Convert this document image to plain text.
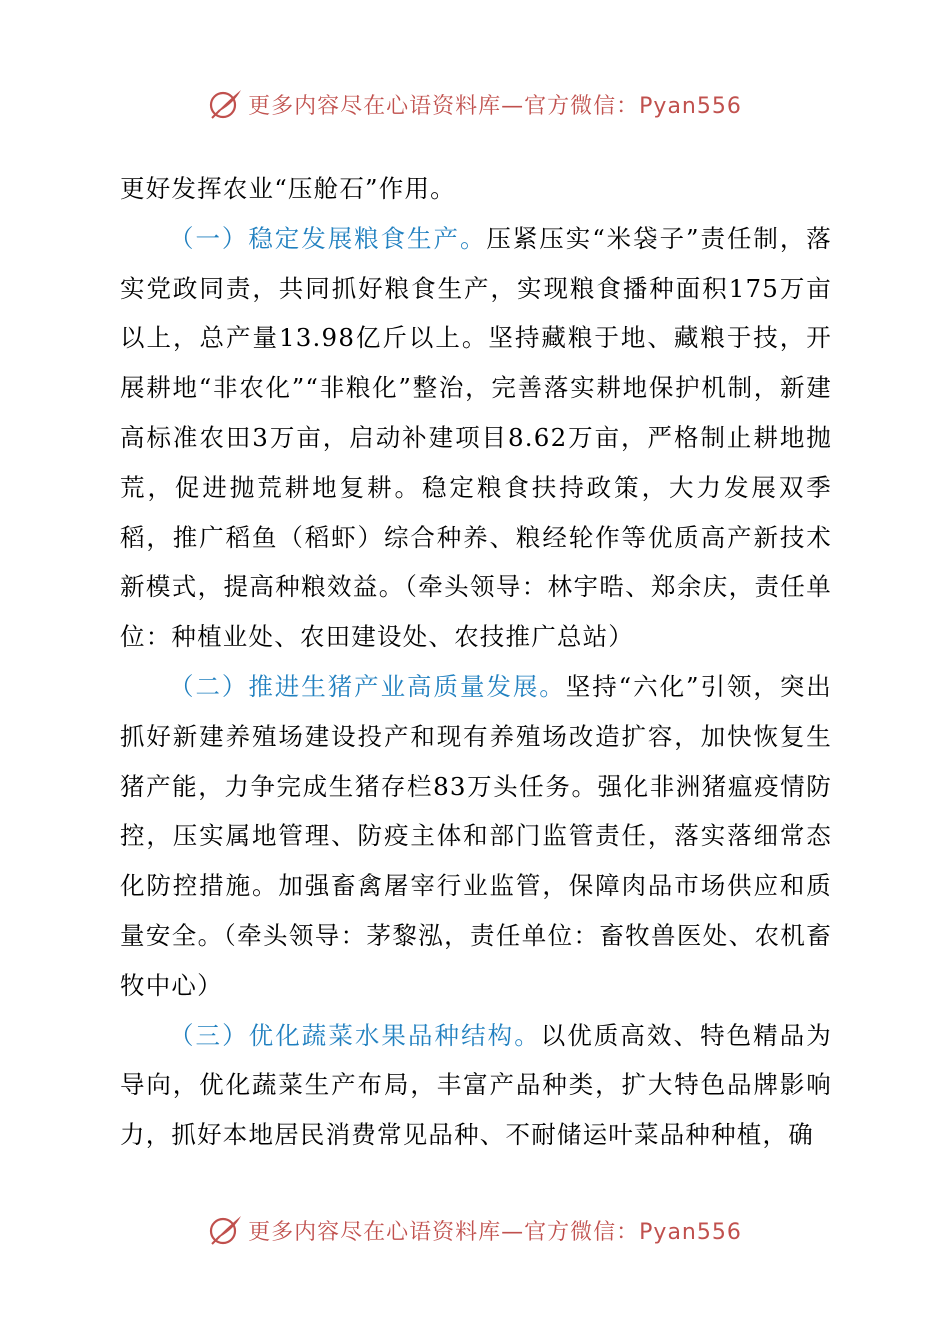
更多内容尽在心语资料库—官方微信：Pyan556

更好发挥农业“压舱石”作用。

（一）稳定发展粮食生产。压紧压实“米袋子”责任制，落实党政同责，共同抓好粮食生产，实现粮食播种面积175万亩以上，总产量13.98亿斤以上。坚持藏粮于地、藏粮于技，开展耕地“非农化”“非粮化”整治，完善落实耕地保护机制，新建高标准农田3万亩，启动补建项目8.62万亩，严格制止耕地抛荒，促进抛荒耕地复耕。稳定粮食扶持政策，大力发展双季稻，推广稻鱼（稻虾）综合种养、粮经轮作等优质高产新技术新模式，提高种粮效益。（牵头领导：林宇晧、郑余庆，责任单位：种植业处、农田建设处、农技推广总站）

（二）推进生猪产业高质量发展。坚持“六化”引领，突出抓好新建养殖场建设投产和现有养殖场改造扩容，加快恢复生猪产能，力争完成生猪存栏83万头任务。强化非洲猪瘟疫情防控，压实属地管理、防疫主体和部门监管责任，落实落细常态化防控措施。加强畜禽屠宰行业监管，保障肉品市场供应和质量安全。（牵头领导：茅黎泓，责任单位：畜牧兽医处、农机畜牧中心）

（三）优化蔬菜水果品种结构。以优质高效、特色精品为导向，优化蔬菜生产布局，丰富产品种类，扩大特色品牌影响力，抓好本地居民消费常见品种、不耐储运叶菜品种种植，确

更多内容尽在心语资料库—官方微信：Pyan556
